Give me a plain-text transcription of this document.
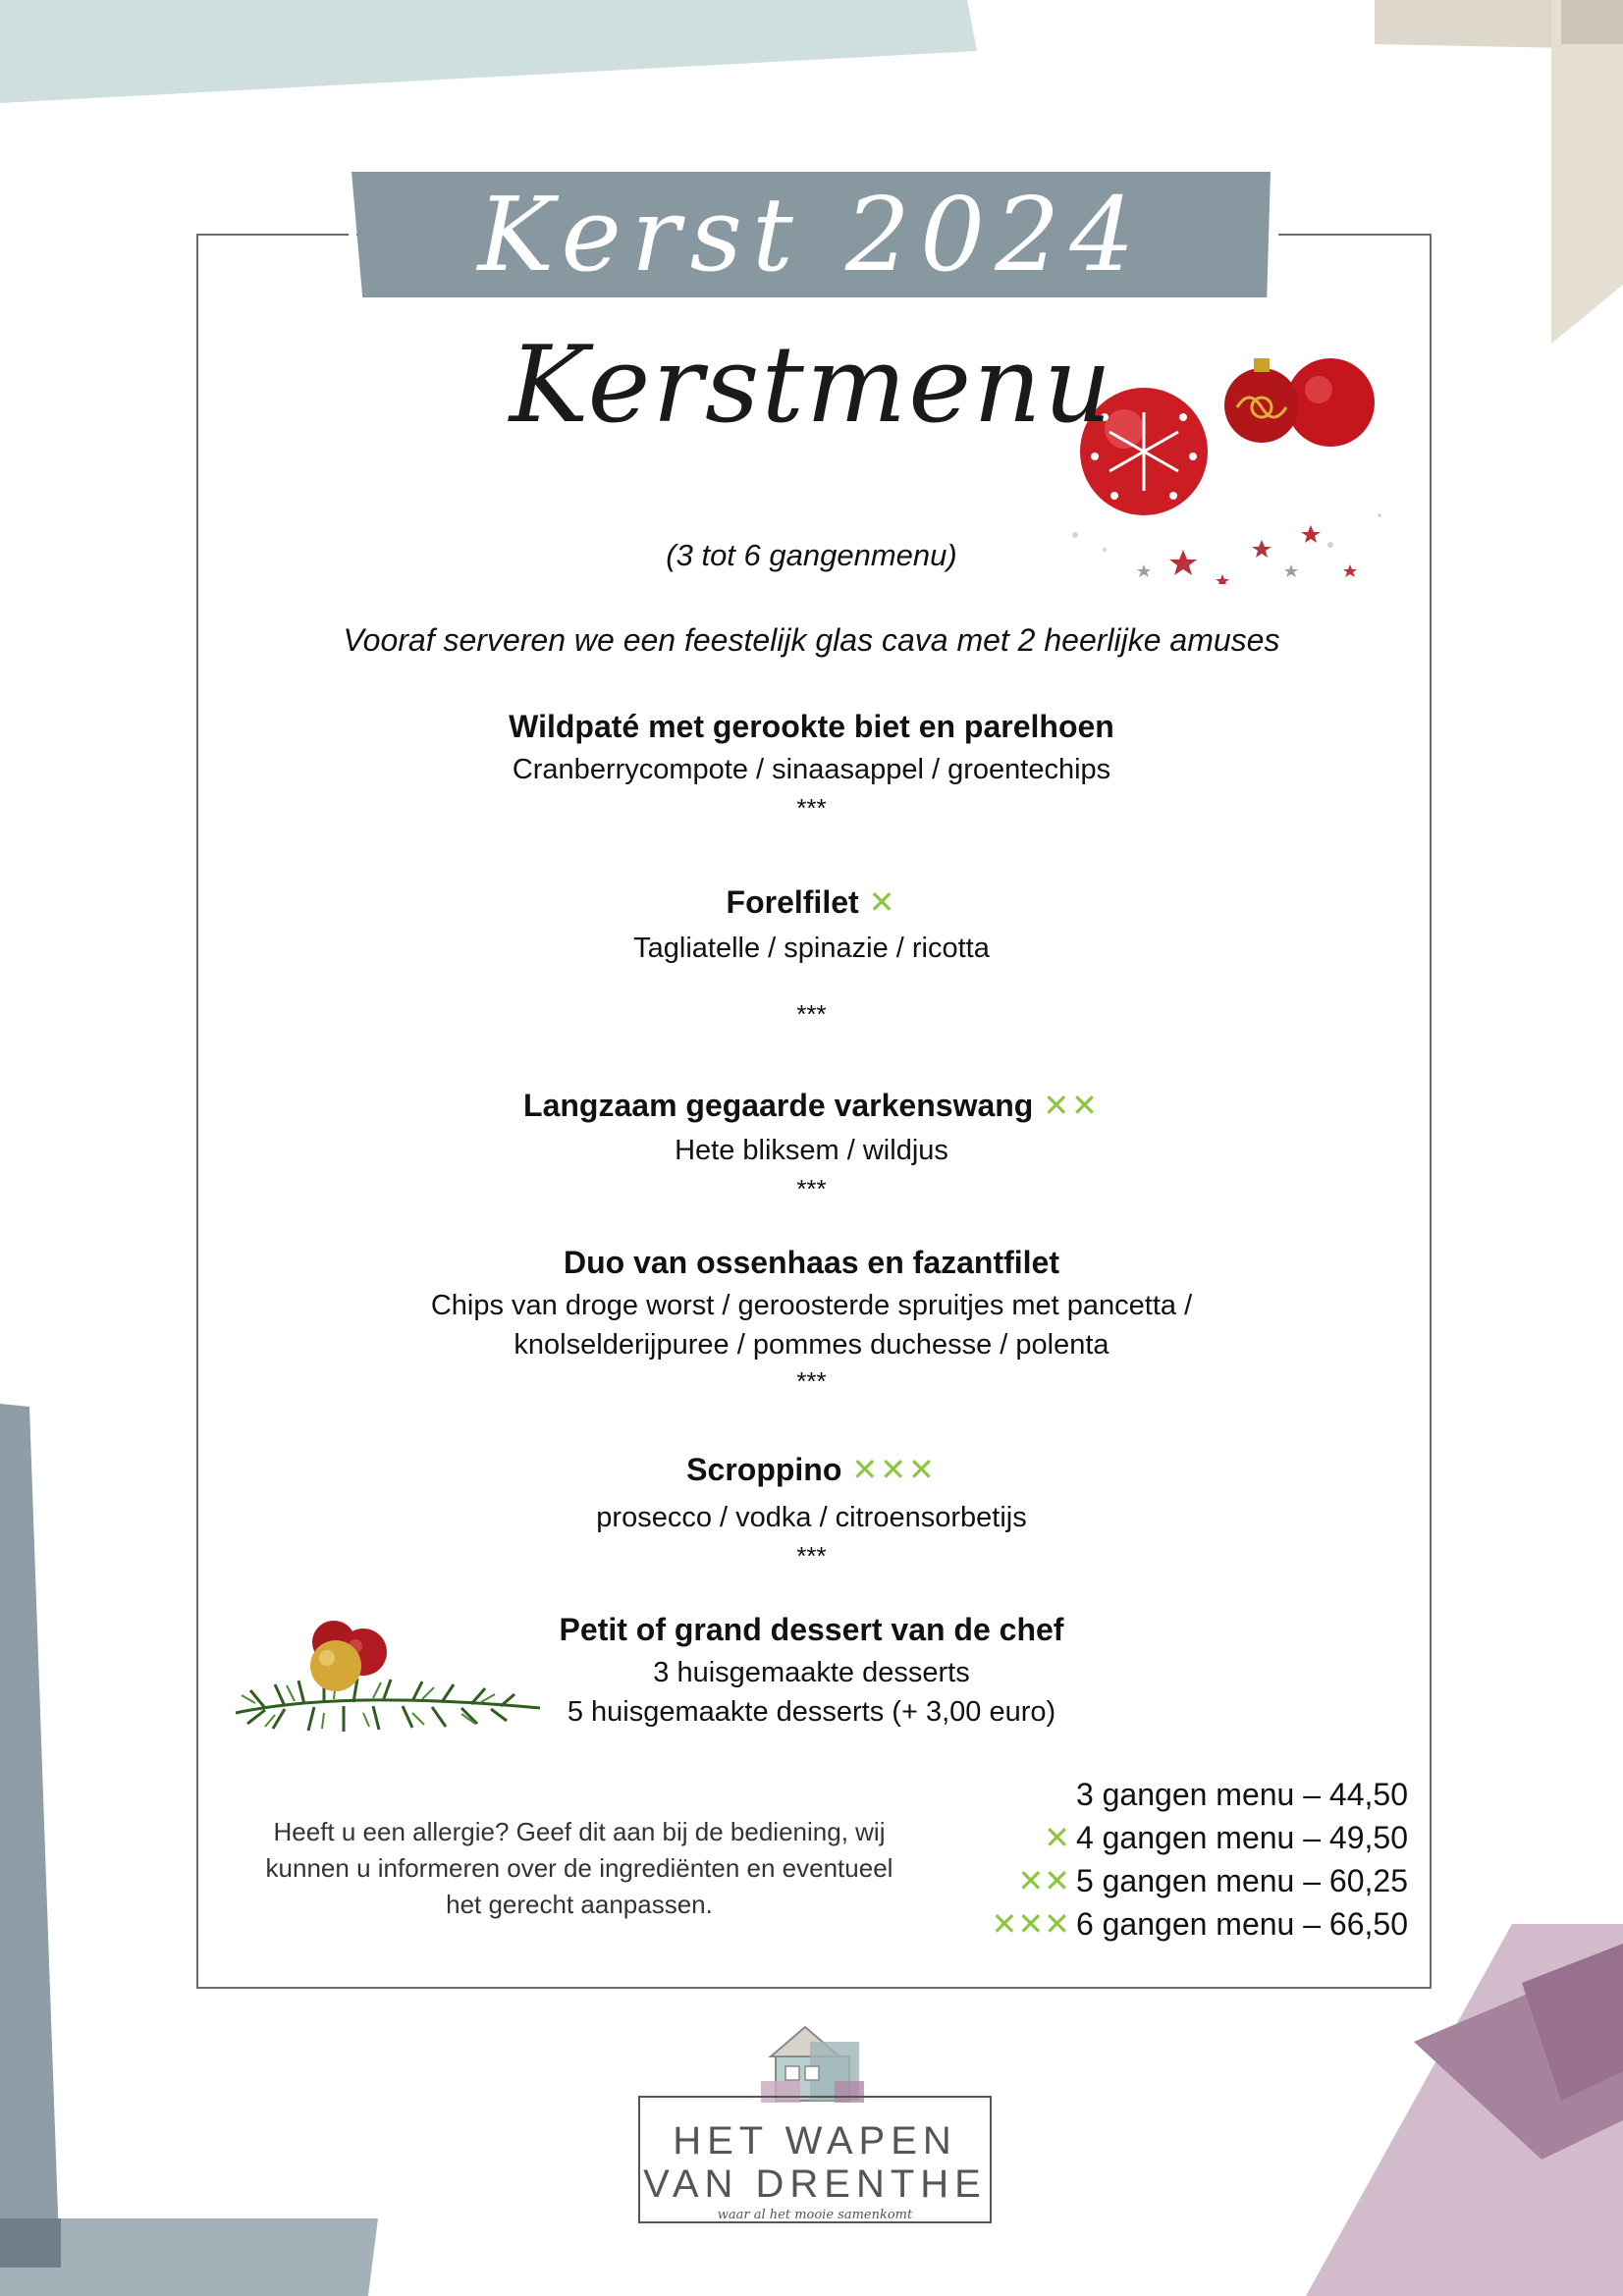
Kerst 2024
Kerstmenu
(3 tot 6 gangenmenu)
Vooraf serveren we een feestelijk glas cava met 2 heerlijke amuses
Wildpaté met gerookte biet en parelhoen
Cranberrycompote / sinaasappel / groentechips
***
Forelfilet ✕
Tagliatelle / spinazie / ricotta
***
Langzaam gegaarde varkenswang ✕✕
Hete bliksem / wildjus
***
Duo van ossenhaas en fazantfilet
Chips van droge worst / geroosterde spruitjes met pancetta /
knolselderijpuree / pommes duchesse / polenta
***
Scroppino ✕✕✕
prosecco / vodka / citroensorbetijs
***
Petit of grand dessert van de chef
3 huisgemaakte desserts
5 huisgemaakte desserts (+ 3,00 euro)
Heeft u een allergie? Geef dit aan bij de bediening, wij kunnen u informeren over de ingrediënten en eventueel het gerecht aanpassen.
3 gangen menu – 44,50
✕ 4 gangen menu – 49,50
✕✕ 5 gangen menu – 60,25
✕✕✕ 6 gangen menu – 66,50
HET WAPEN
VAN DRENTHE
waar al het mooie samenkomt
